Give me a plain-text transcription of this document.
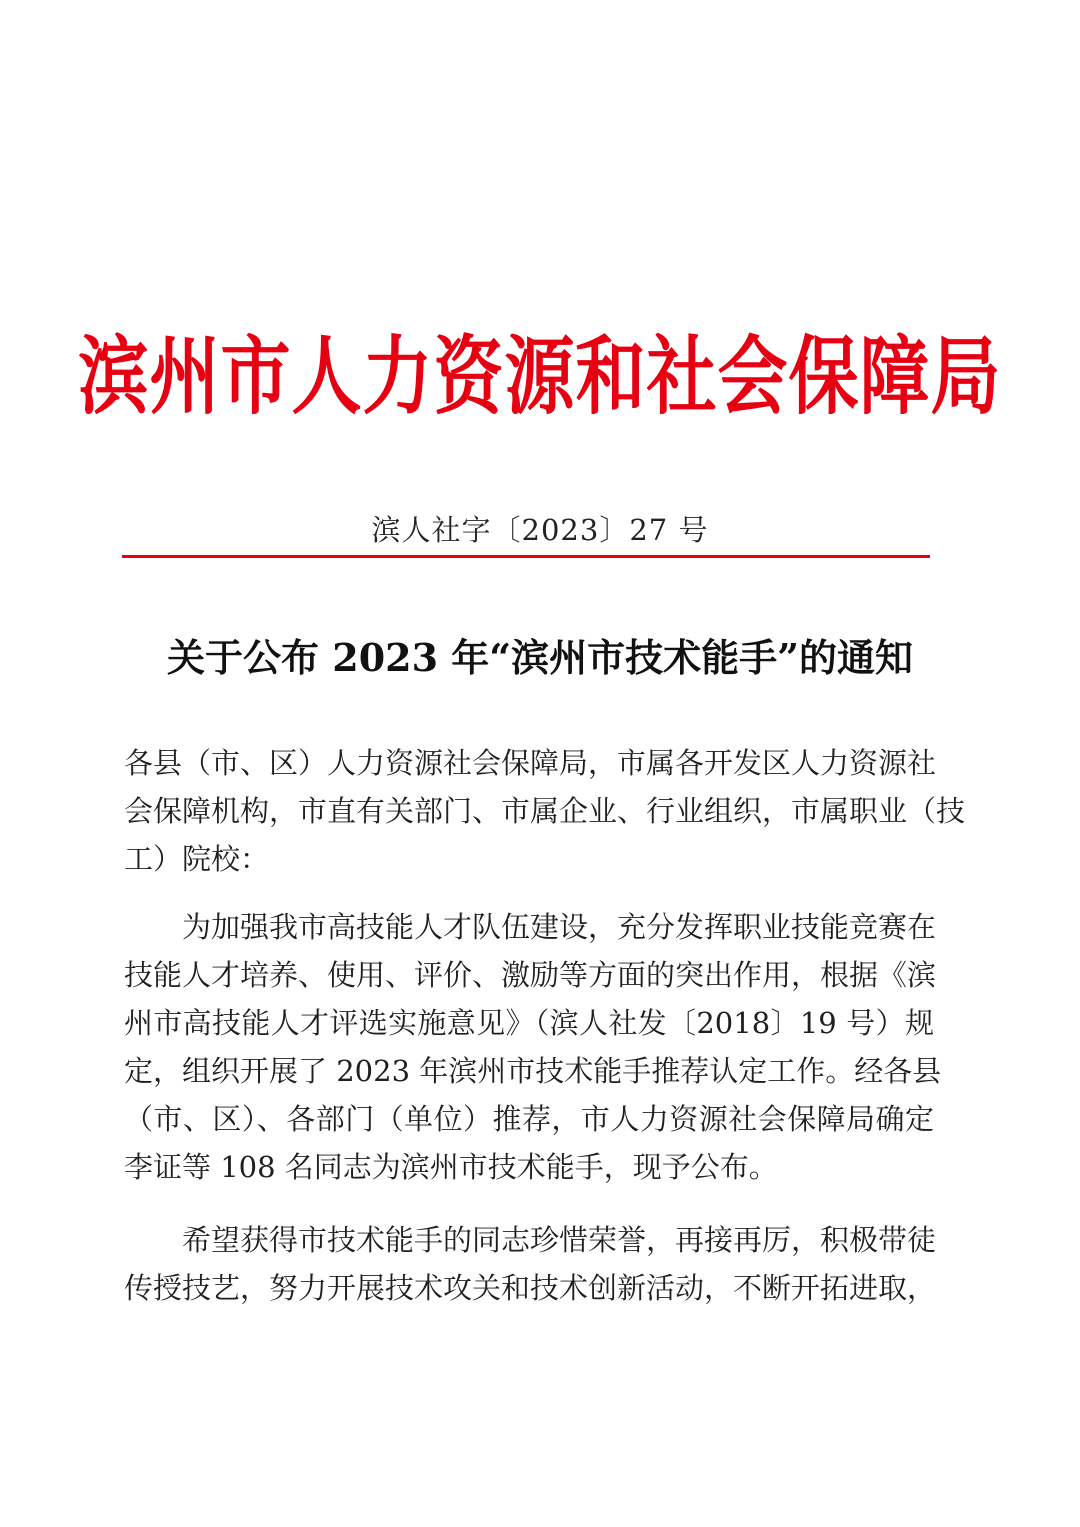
滨州市人力资源和社会保障局
滨人社字〔2023〕27 号
关于公布 2023 年“滨州市技术能手”的通知
各县（市、区）人力资源社会保障局，市属各开发区人力资源社
会保障机构，市直有关部门、市属企业、行业组织，市属职业（技
工）院校：
为加强我市高技能人才队伍建设，充分发挥职业技能竞赛在
技能人才培养、使用、评价、激励等方面的突出作用，根据《滨
州市高技能人才评选实施意见》（滨人社发〔2018〕19 号）规
定，组织开展了 2023 年滨州市技术能手推荐认定工作。经各县
（市、区）、各部门（单位）推荐，市人力资源社会保障局确定
李证等 108 名同志为滨州市技术能手，现予公布。
希望获得市技术能手的同志珍惜荣誉，再接再厉，积极带徒
传授技艺，努力开展技术攻关和技术创新活动，不断开拓进取，
